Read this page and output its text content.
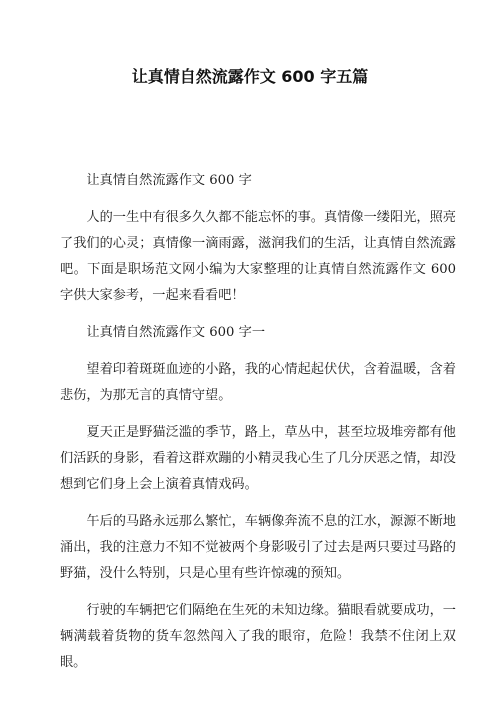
让真情自然流露作文 600 字五篇

让真情自然流露作文 600 字

人的一生中有很多久久都不能忘怀的事。真情像一缕阳光，照亮了我们的心灵；真情像一滴雨露，滋润我们的生活，让真情自然流露吧。下面是职场范文网小编为大家整理的让真情自然流露作文 600 字供大家参考，一起来看看吧！

让真情自然流露作文 600 字一

望着印着斑斑血迹的小路，我的心情起起伏伏，含着温暖，含着悲伤，为那无言的真情守望。

夏天正是野猫泛滥的季节，路上，草丛中，甚至垃圾堆旁都有他们活跃的身影，看着这群欢蹦的小精灵我心生了几分厌恶之情，却没想到它们身上会上演着真情戏码。

午后的马路永远那么繁忙，车辆像奔流不息的江水，源源不断地涌出，我的注意力不知不觉被两个身影吸引了过去是两只要过马路的野猫，没什么特别，只是心里有些许惊魂的预知。

行驶的车辆把它们隔绝在生死的未知边缘。猫眼看就要成功，一辆满载着货物的货车忽然闯入了我的眼帘，危险！我禁不住闭上双眼。
